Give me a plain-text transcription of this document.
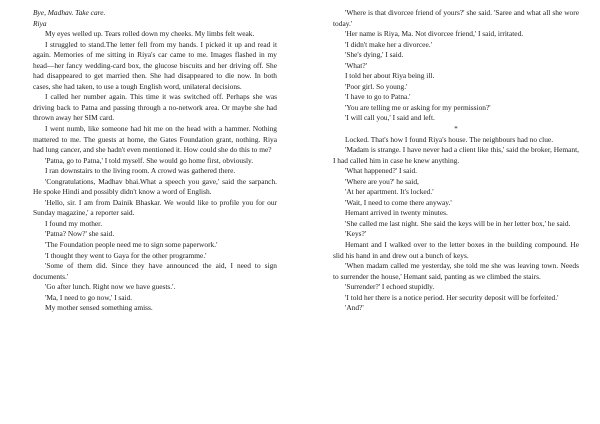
Bye, Madhav. Take care.

Riya

My eyes welled up. Tears rolled down my cheeks. My limbs felt weak.

I struggled to stand.The letter fell from my hands. I picked it up and read it again. Memories of me sitting in Riya's car came to me. Images flashed in my head—her fancy wedding-card box, the glucose biscuits and her driving off. She had disappeared to get married then. She had disappeared to die now. In both cases, she had taken, to use a tough English word, unilateral decisions.

I called her number again. This time it was switched off. Perhaps she was driving back to Patna and passing through a no-network area. Or maybe she had thrown away her SIM card.

I went numb, like someone had hit me on the head with a hammer. Nothing mattered to me. The guests at home, the Gates Foundation grant, nothing. Riya had lung cancer, and she hadn't even mentioned it. How could she do this to me?

'Patna, go to Patna,' I told myself. She would go home first, obviously.

I ran downstairs to the living room. A crowd was gathered there.

'Congratulations, Madhav bhai.What a speech you gave,' said the sarpanch. He spoke Hindi and possibly didn't know a word of English.

'Hello, sir. I am from Dainik Bhaskar. We would like to profile you for our Sunday magazine,' a reporter said.

I found my mother.

'Patna? Now?' she said.

'The Foundation people need me to sign some paperwork.'

'I thought they went to Gaya for the other programme.'

'Some of them did. Since they have announced the aid, I need to sign documents.'

'Go after lunch. Right now we have guests.'.

'Ma, I need to go now,' I said.

My mother sensed something amiss.

'Where is that divorcee friend of yours?' she said. 'Saree and what all she wore today.'

'Her name is Riya, Ma. Not divorcee friend,' I said, irritated.

'I didn't make her a divorcee.'

'She's dying,' I said.

'What?'

I told her about Riya being ill.

'Poor girl. So young.'

'I have to go to Patna.'

'You are telling me or asking for my permission?'

'I will call you,' I said and left.

*

Locked. That's how I found Riya's house. The neighbours had no clue.

'Madam is strange. I have never had a client like this,' said the broker, Hemant, I had called him in case he knew anything.

'What happened?' I said.

'Where are you?' he said,

'At her apartment. It's locked.'

'Wait, I need to come there anyway.'

Hemant arrived in twenty minutes.

'She called me last night. She said the keys will be in her letter box,' he said.

'Keys?'

Hemant and I walked over to the letter boxes in the building compound. He slid his hand in and drew out a bunch of keys.

'When madam called me yesterday, she told me she was leaving town. Needs to surrender the house,' Hemant said, panting as we climbed the stairs.

'Surrender?' I echoed stupidly.

'I told her there is a notice period. Her security deposit will be forfeited.'

'And?'
